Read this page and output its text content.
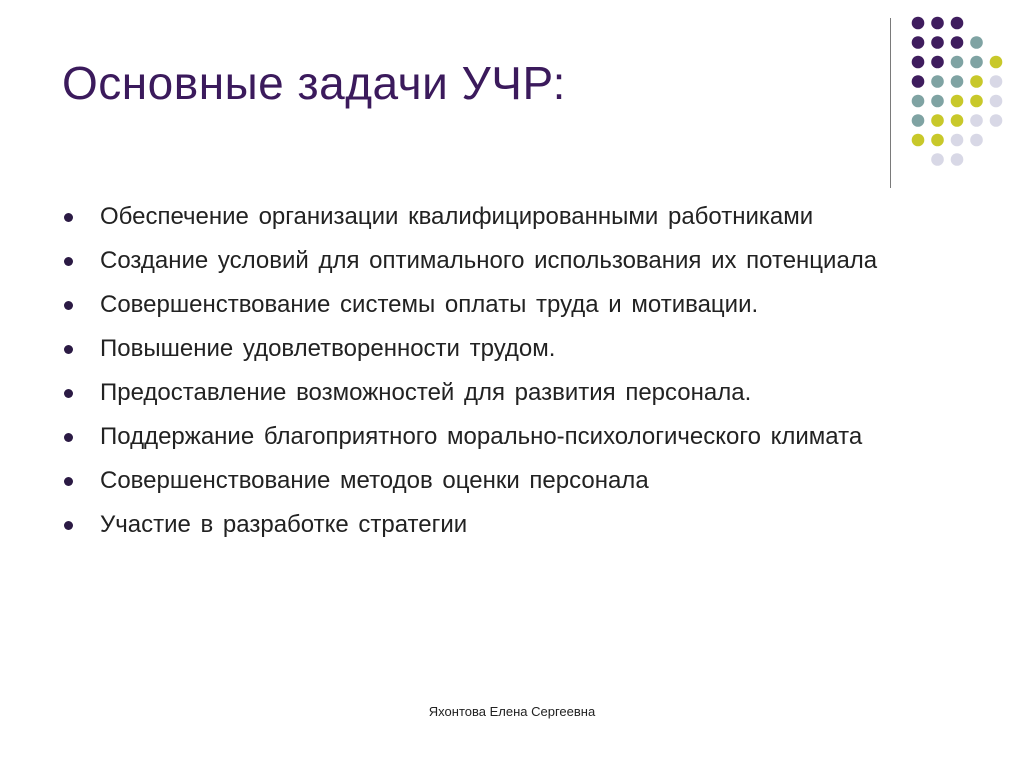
Основные задачи УЧР:
Обеспечение организации квалифицированными работниками
Создание условий для оптимального использования их потенциала
Совершенствование системы оплаты труда и мотивации.
Повышение удовлетворенности трудом.
Предоставление возможностей для развития персонала.
Поддержание благоприятного морально-психологического климата
Совершенствование методов оценки персонала
Участие в разработке стратегии
Яхонтова Елена Сергеевна
